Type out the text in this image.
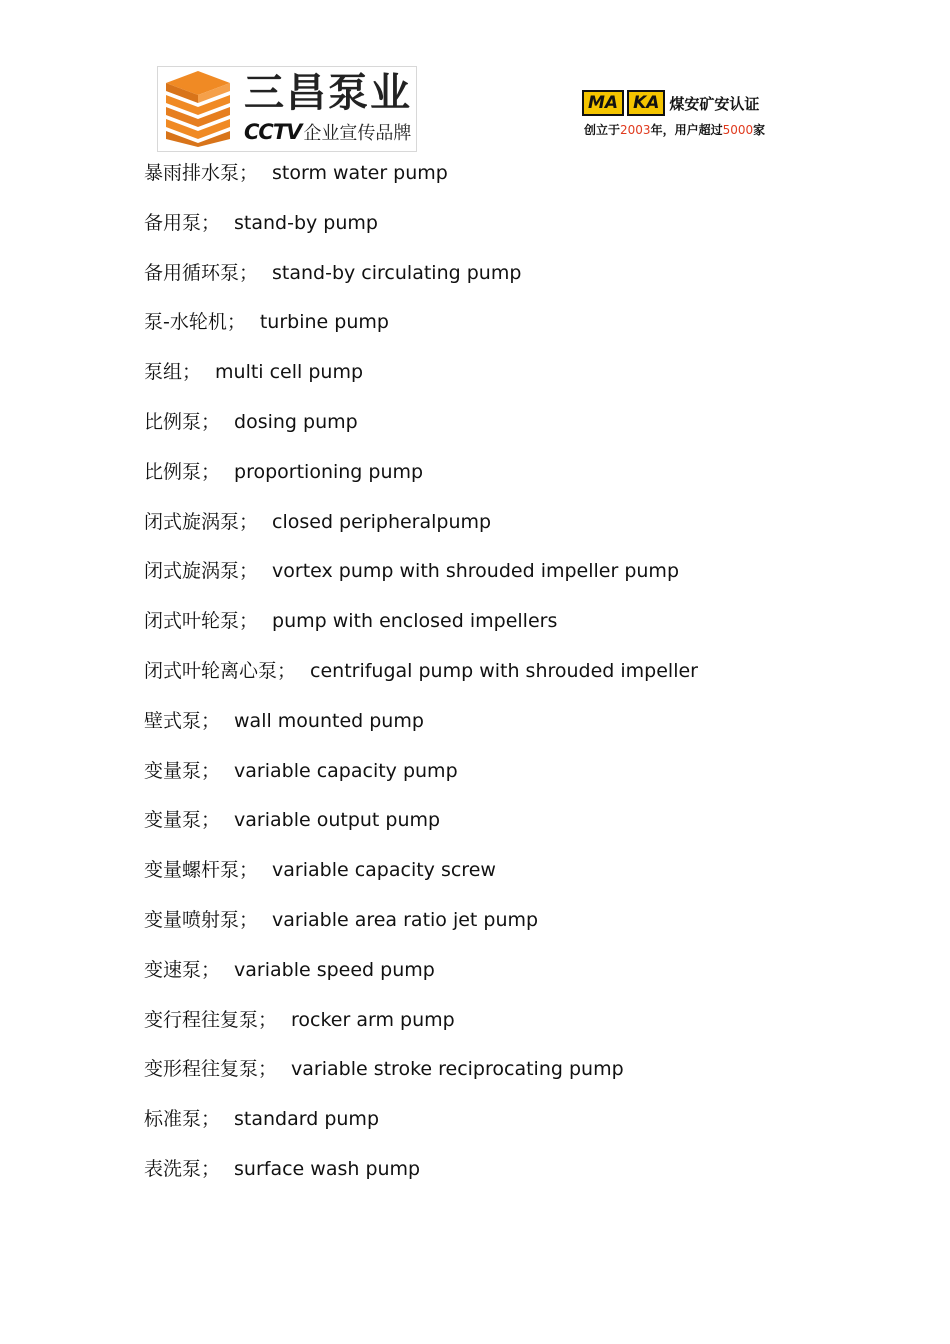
三昌泵业
CCTV 企业宣传品牌
MA KA 煤安矿安认证
创立于2003年，用户超过5000家
暴雨排水泵； storm water pump
备用泵； stand-by pump
备用循环泵； stand-by circulating pump
泵-水轮机； turbine pump
泵组； multi cell pump
比例泵； dosing pump
比例泵； proportioning pump
闭式旋涡泵； closed peripheralpump
闭式旋涡泵； vortex pump with shrouded impeller pump
闭式叶轮泵； pump with enclosed impellers
闭式叶轮离心泵； centrifugal pump with shrouded impeller
壁式泵； wall mounted pump
变量泵； variable capacity pump
变量泵； variable output pump
变量螺杆泵； variable capacity screw
变量喷射泵； variable area ratio jet pump
变速泵； variable speed pump
变行程往复泵； rocker arm pump
变形程往复泵； variable stroke reciprocating pump
标准泵； standard pump
表洗泵； surface wash pump
